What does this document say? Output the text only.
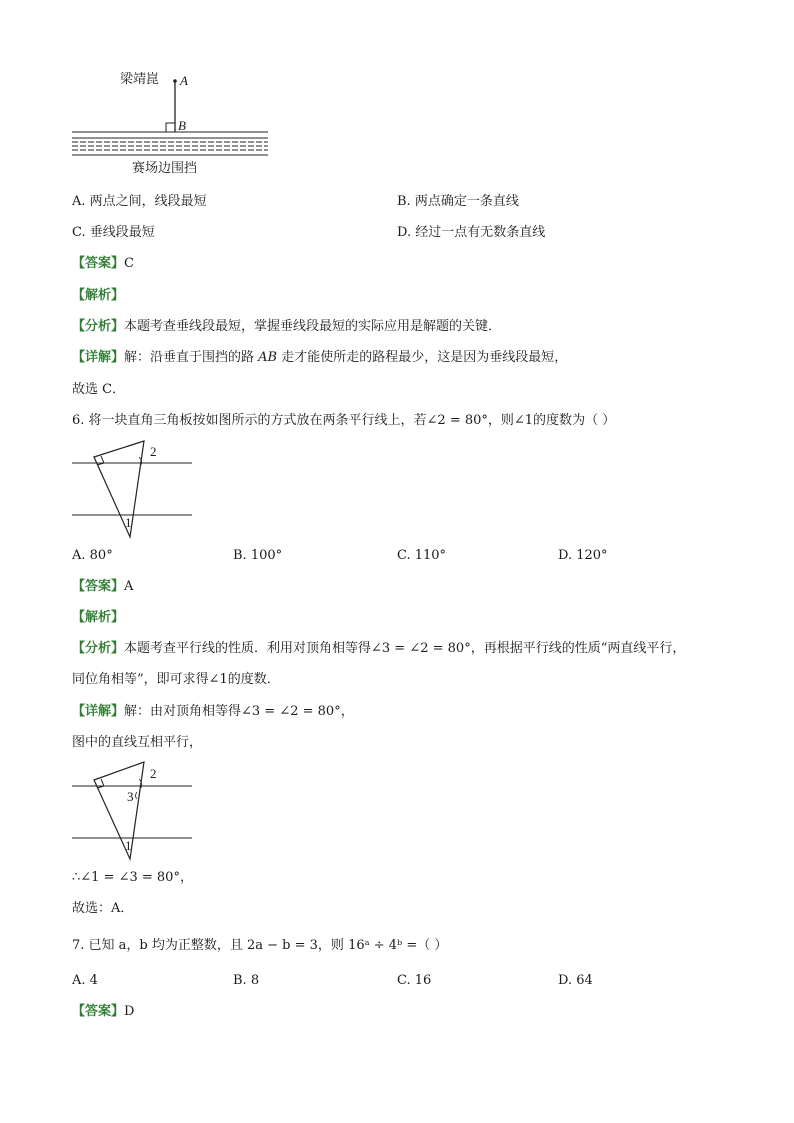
梁靖崑 A
B
赛场边围挡
A. 两点之间，线段最短	B. 两点确定一条直线
C. 垂线段最短	D. 经过一点有无数条直线
【答案】C
【解析】
【分析】本题考查垂线段最短，掌握垂线段最短的实际应用是解题的关键．
【详解】解：沿垂直于围挡的路 AB 走才能使所走的路程最少，这是因为垂线段最短，
故选 C．
6. 将一块直角三角板按如图所示的方式放在两条平行线上，若∠2 = 80°，则∠1的度数为（ ）
2
1
A. 80°	B. 100°	C. 110°	D. 120°
【答案】A
【解析】
【分析】本题考查平行线的性质．利用对顶角相等得∠3 = ∠2 = 80°，再根据平行线的性质“两直线平行，
同位角相等”，即可求得∠1的度数．
【详解】解：由对顶角相等得∠3 = ∠2 = 80°，
图中的直线互相平行，
2
3
1
∴∠1 = ∠3 = 80°，
故选：A．
7. 已知 a，b 均为正整数，且 2a − b = 3，则 16ᵃ ÷ 4ᵇ =（ ）
A. 4	B. 8	C. 16	D. 64
【答案】D
